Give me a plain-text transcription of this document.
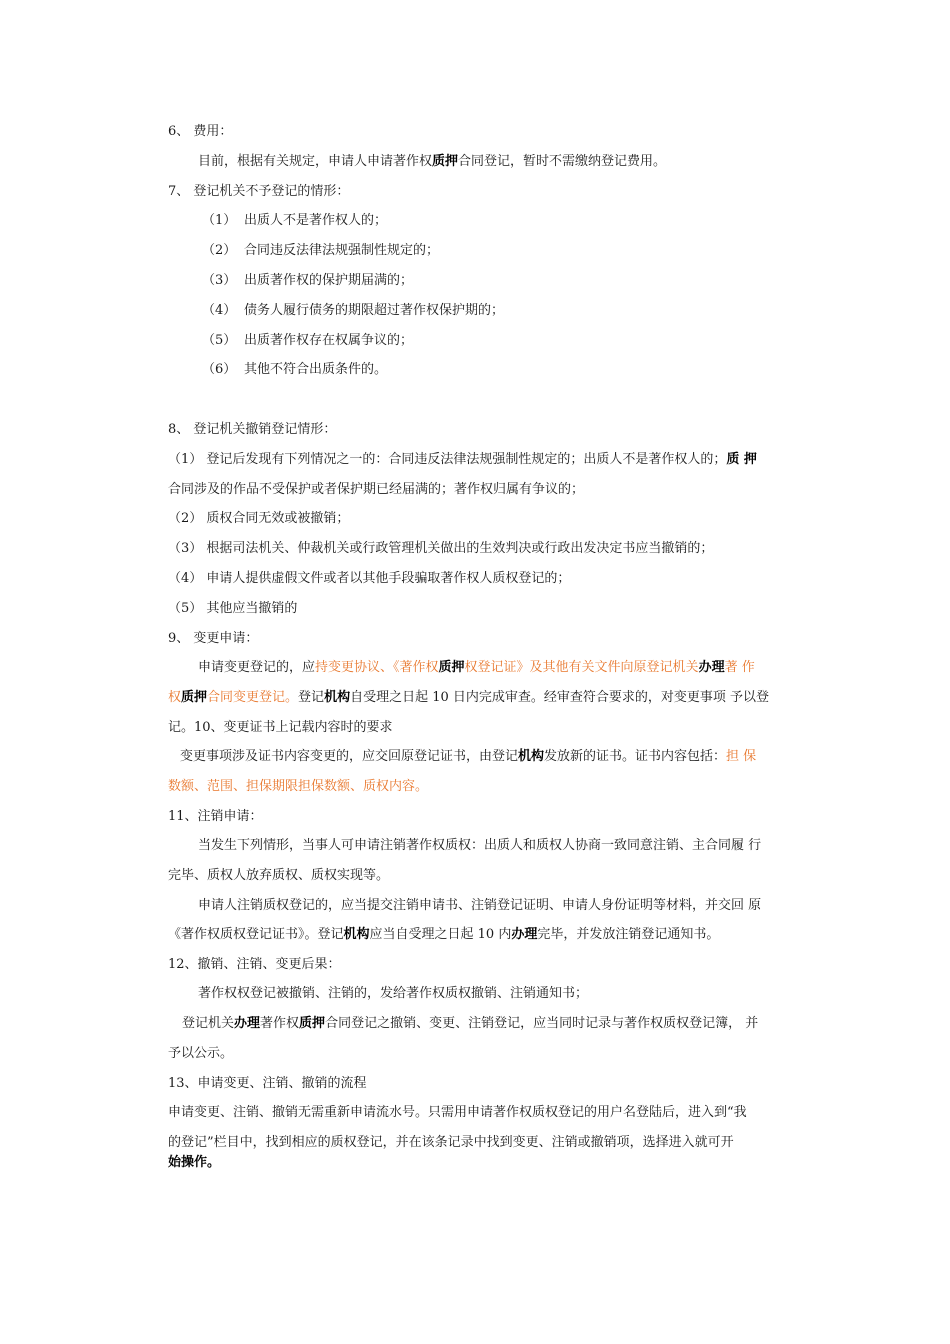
6、 费用：

目前，根据有关规定，申请人申请著作权质押合同登记，暂时不需缴纳登记费用。

7、 登记机关不予登记的情形：

（1） 出质人不是著作权人的；

（2） 合同违反法律法规强制性规定的；

（3） 出质著作权的保护期届满的；

（4） 债务人履行债务的期限超过著作权保护期的；

（5） 出质著作权存在权属争议的；

（6） 其他不符合出质条件的。

8、 登记机关撤销登记情形：

（1） 登记后发现有下列情况之一的：合同违反法律法规强制性规定的；出质人不是著作权人的；质 押

合同涉及的作品不受保护或者保护期已经届满的；著作权归属有争议的；

（2） 质权合同无效或被撤销；

（3） 根据司法机关、仲裁机关或行政管理机关做出的生效判决或行政出发决定书应当撤销的；

（4） 申请人提供虚假文件或者以其他手段骗取著作权人质权登记的；

（5） 其他应当撤销的

9、 变更申请：

申请变更登记的，应持变更协议、《著作权质押权登记证》及其他有关文件向原登记机关办理著 作

权质押合同变更登记。登记机构自受理之日起 10 日内完成审查。经审查符合要求的，对变更事项 予以登

记。10、变更证书上记载内容时的要求

变更事项涉及证书内容变更的，应交回原登记证书，由登记机构发放新的证书。证书内容包括：担 保

数额、范围、担保期限担保数额、质权内容。

11、注销申请：

当发生下列情形，当事人可申请注销著作权质权：出质人和质权人协商一致同意注销、主合同履 行

完毕、质权人放弃质权、质权实现等。

申请人注销质权登记的，应当提交注销申请书、注销登记证明、申请人身份证明等材料，并交回 原

《著作权质权登记证书》。登记机构应当自受理之日起 10 内办理完毕，并发放注销登记通知书。

12、撤销、注销、变更后果：

著作权权登记被撤销、注销的，发给著作权质权撤销、注销通知书；

登记机关办理著作权质押合同登记之撤销、变更、注销登记，应当同时记录与著作权质权登记簿， 并

予以公示。

13、申请变更、注销、撤销的流程

申请变更、注销、撤销无需重新申请流水号。只需用申请著作权质权登记的用户名登陆后，进入到“我

的登记”栏目中，找到相应的质权登记，并在该条记录中找到变更、注销或撤销项，选择进入就可开

始操作。
